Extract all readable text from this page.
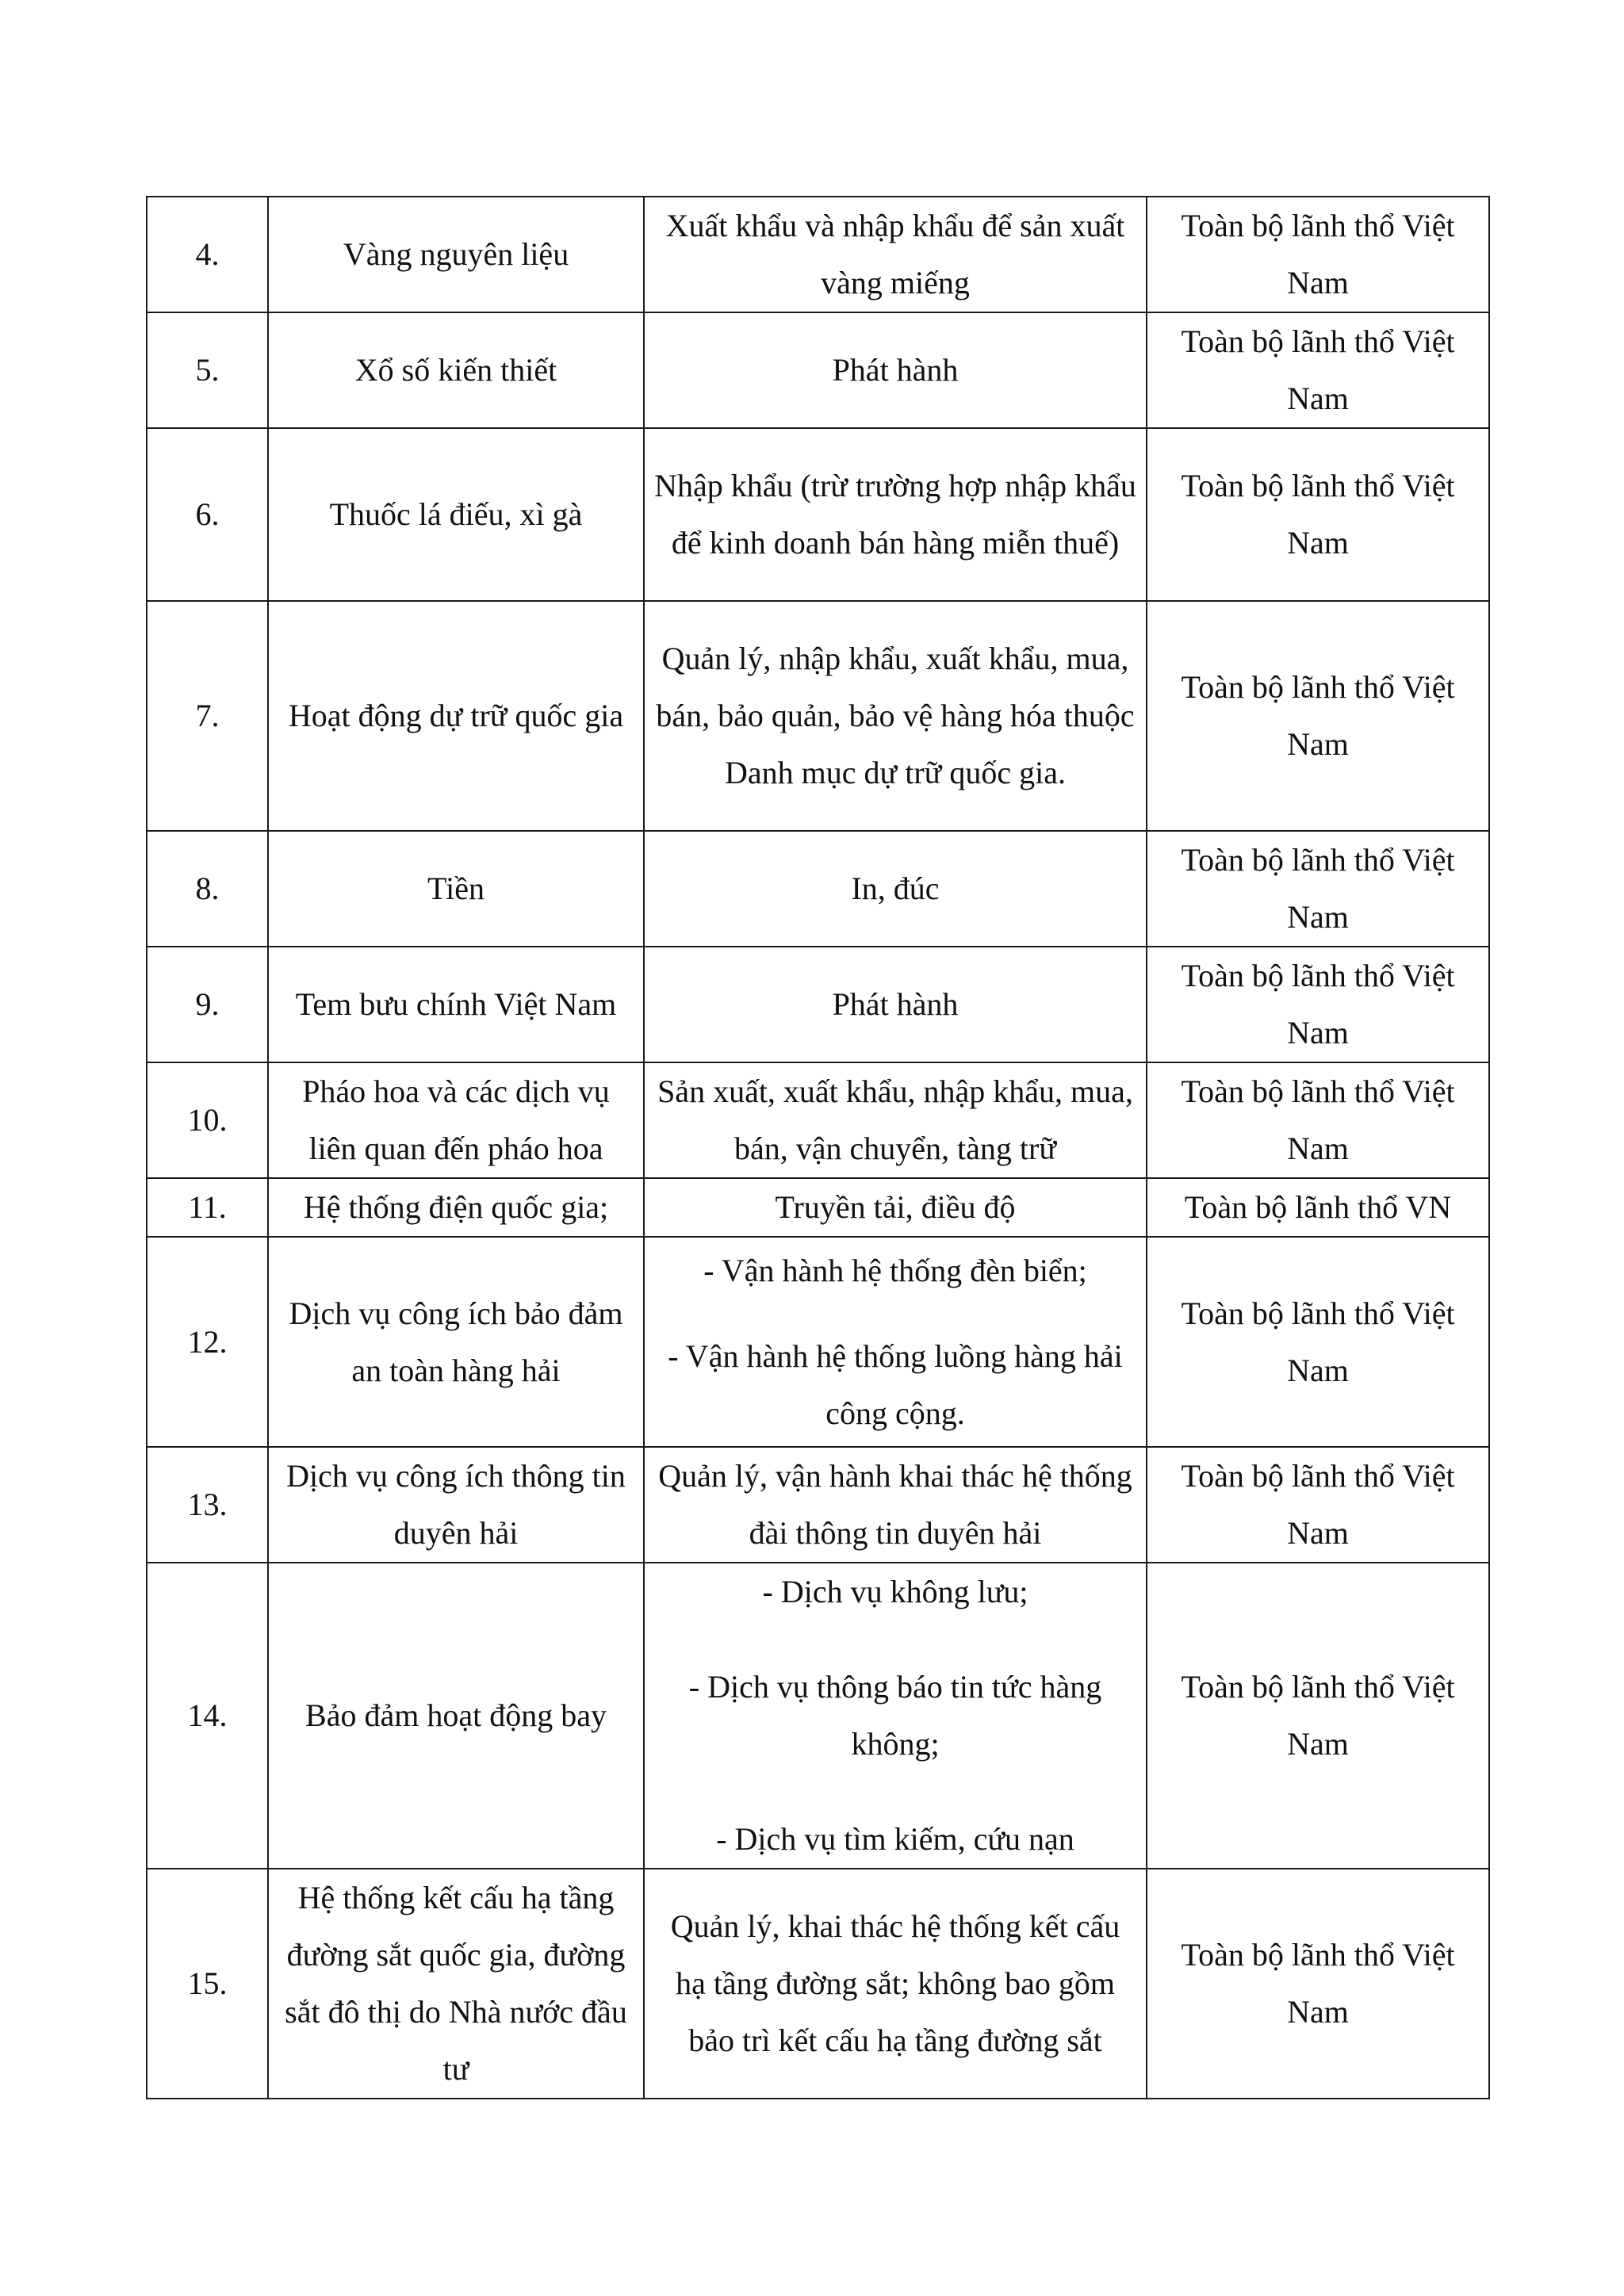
4.	Vàng nguyên liệu	Xuất khẩu và nhập khẩu để sản xuất vàng miếng	Toàn bộ lãnh thổ Việt Nam
5.	Xổ số kiến thiết	Phát hành	Toàn bộ lãnh thổ Việt Nam
6.	Thuốc lá điếu, xì gà	Nhập khẩu (trừ trường hợp nhập khẩu để kinh doanh bán hàng miễn thuế)	Toàn bộ lãnh thổ Việt Nam
7.	Hoạt động dự trữ quốc gia	Quản lý, nhập khẩu, xuất khẩu, mua, bán, bảo quản, bảo vệ hàng hóa thuộc Danh mục dự trữ quốc gia.	Toàn bộ lãnh thổ Việt Nam
8.	Tiền	In, đúc	Toàn bộ lãnh thổ Việt Nam
9.	Tem bưu chính Việt Nam	Phát hành	Toàn bộ lãnh thổ Việt Nam
10.	Pháo hoa và các dịch vụ liên quan đến pháo hoa	Sản xuất, xuất khẩu, nhập khẩu, mua, bán, vận chuyển, tàng trữ	Toàn bộ lãnh thổ Việt Nam
11.	Hệ thống điện quốc gia;	Truyền tải, điều độ	Toàn bộ lãnh thổ VN
12.	Dịch vụ công ích bảo đảm an toàn hàng hải	- Vận hành hệ thống đèn biển;
- Vận hành hệ thống luồng hàng hải công cộng.	Toàn bộ lãnh thổ Việt Nam
13.	Dịch vụ công ích thông tin duyên hải	Quản lý, vận hành khai thác hệ thống đài thông tin duyên hải	Toàn bộ lãnh thổ Việt Nam
14.	Bảo đảm hoạt động bay	- Dịch vụ không lưu;
- Dịch vụ thông báo tin tức hàng không;
- Dịch vụ tìm kiếm, cứu nạn	Toàn bộ lãnh thổ Việt Nam
15.	Hệ thống kết cấu hạ tầng đường sắt quốc gia, đường sắt đô thị do Nhà nước đầu tư	Quản lý, khai thác hệ thống kết cấu hạ tầng đường sắt; không bao gồm bảo trì kết cấu hạ tầng đường sắt	Toàn bộ lãnh thổ Việt Nam
